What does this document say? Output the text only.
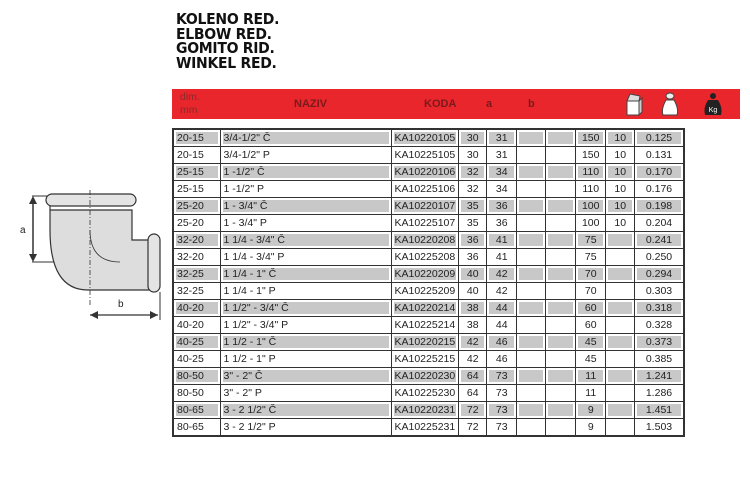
KOLENO RED.
ELBOW RED.
GOMITO RID.
WINKEL RED.
dim.
mm	NAZIV	KODA	a	b
Kg
20-15	3/4-1/2" Č	KA10220105	30	31			150	10	0.125
20-15	3/4-1/2" P	KA10225105	30	31			150	10	0.131
25-15	1 -1/2" Č	KA10220106	32	34			110	10	0.170
25-15	1 -1/2" P	KA10225106	32	34			110	10	0.176
25-20	1 - 3/4" Č	KA10220107	35	36			100	10	0.198
25-20	1 - 3/4" P	KA10225107	35	36			100	10	0.204
32-20	1 1/4 - 3/4" Č	KA10220208	36	41			75		0.241
32-20	1 1/4 - 3/4" P	KA10225208	36	41			75		0.250
32-25	1 1/4 - 1" Č	KA10220209	40	42			70		0.294
32-25	1 1/4 - 1" P	KA10225209	40	42			70		0.303
40-20	1 1/2" - 3/4" Č	KA10220214	38	44			60		0.318
40-20	1 1/2" - 3/4" P	KA10225214	38	44			60		0.328
40-25	1 1/2 - 1" Č	KA10220215	42	46			45		0.373
40-25	1 1/2 - 1" P	KA10225215	42	46			45		0.385
80-50	3" - 2" Č	KA10220230	64	73			11		1.241
80-50	3" - 2" P	KA10225230	64	73			11		1.286
80-65	3 - 2 1/2" Č	KA10220231	72	73			9		1.451
80-65	3 - 2 1/2" P	KA10225231	72	73			9		1.503
a
b
